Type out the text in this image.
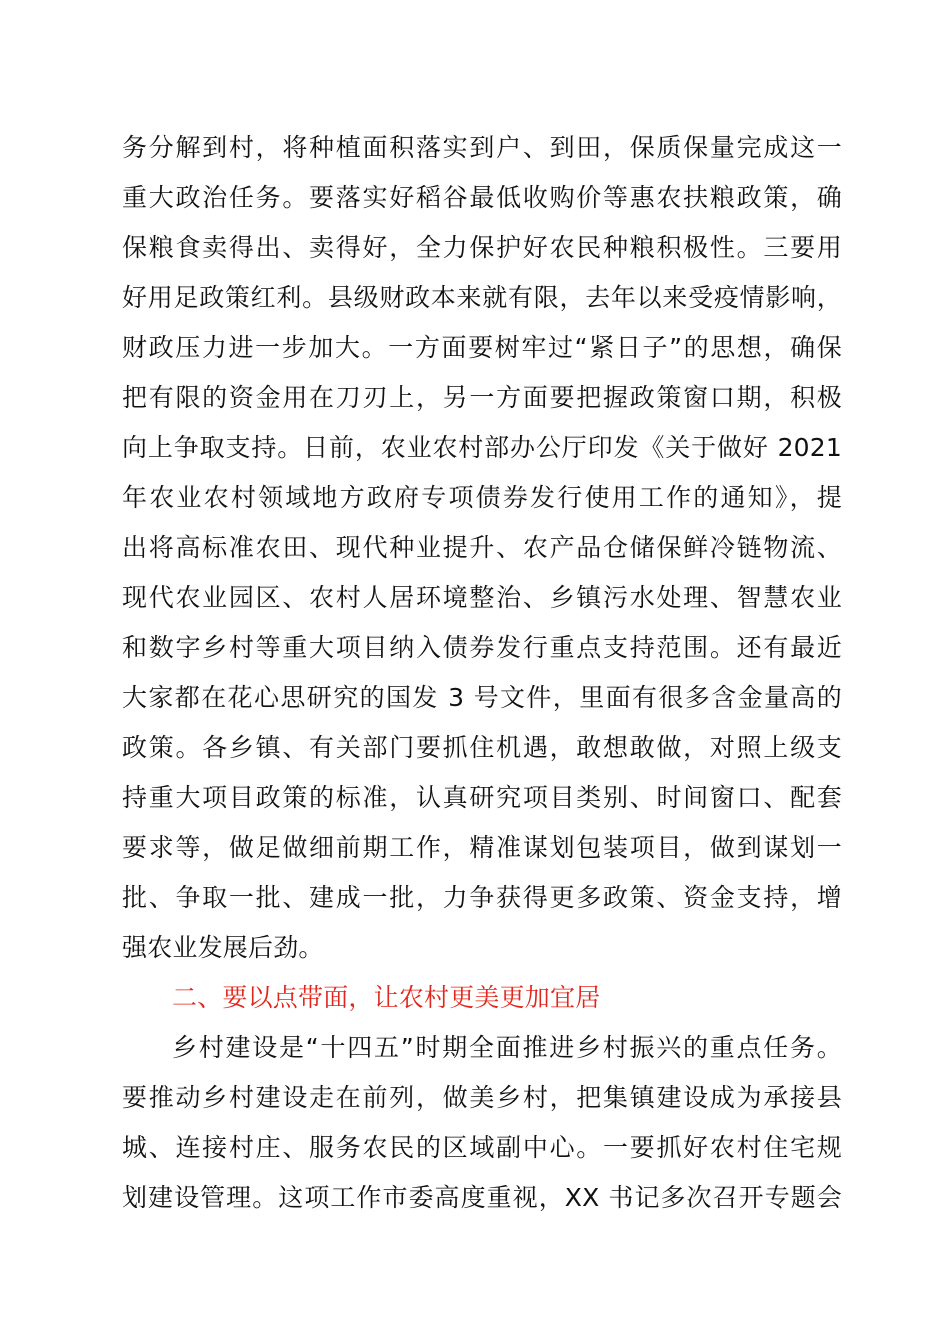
务分解到村，将种植面积落实到户、到田，保质保量完成这一
重大政治任务。要落实好稻谷最低收购价等惠农扶粮政策，确
保粮食卖得出、卖得好，全力保护好农民种粮积极性。三要用
好用足政策红利。县级财政本来就有限，去年以来受疫情影响，
财政压力进一步加大。一方面要树牢过“紧日子”的思想，确保
把有限的资金用在刀刃上，另一方面要把握政策窗口期，积极
向上争取支持。日前，农业农村部办公厅印发《关于做好 2021
年农业农村领域地方政府专项债券发行使用工作的通知》，提
出将高标准农田、现代种业提升、农产品仓储保鲜冷链物流、
现代农业园区、农村人居环境整治、乡镇污水处理、智慧农业
和数字乡村等重大项目纳入债券发行重点支持范围。还有最近
大家都在花心思研究的国发 3 号文件，里面有很多含金量高的
政策。各乡镇、有关部门要抓住机遇，敢想敢做，对照上级支
持重大项目政策的标准，认真研究项目类别、时间窗口、配套
要求等，做足做细前期工作，精准谋划包装项目，做到谋划一
批、争取一批、建成一批，力争获得更多政策、资金支持，增
强农业发展后劲。
二、要以点带面，让农村更美更加宜居
乡村建设是“十四五”时期全面推进乡村振兴的重点任务。
要推动乡村建设走在前列，做美乡村，把集镇建设成为承接县
城、连接村庄、服务农民的区域副中心。一要抓好农村住宅规
划建设管理。这项工作市委高度重视，XX 书记多次召开专题会
